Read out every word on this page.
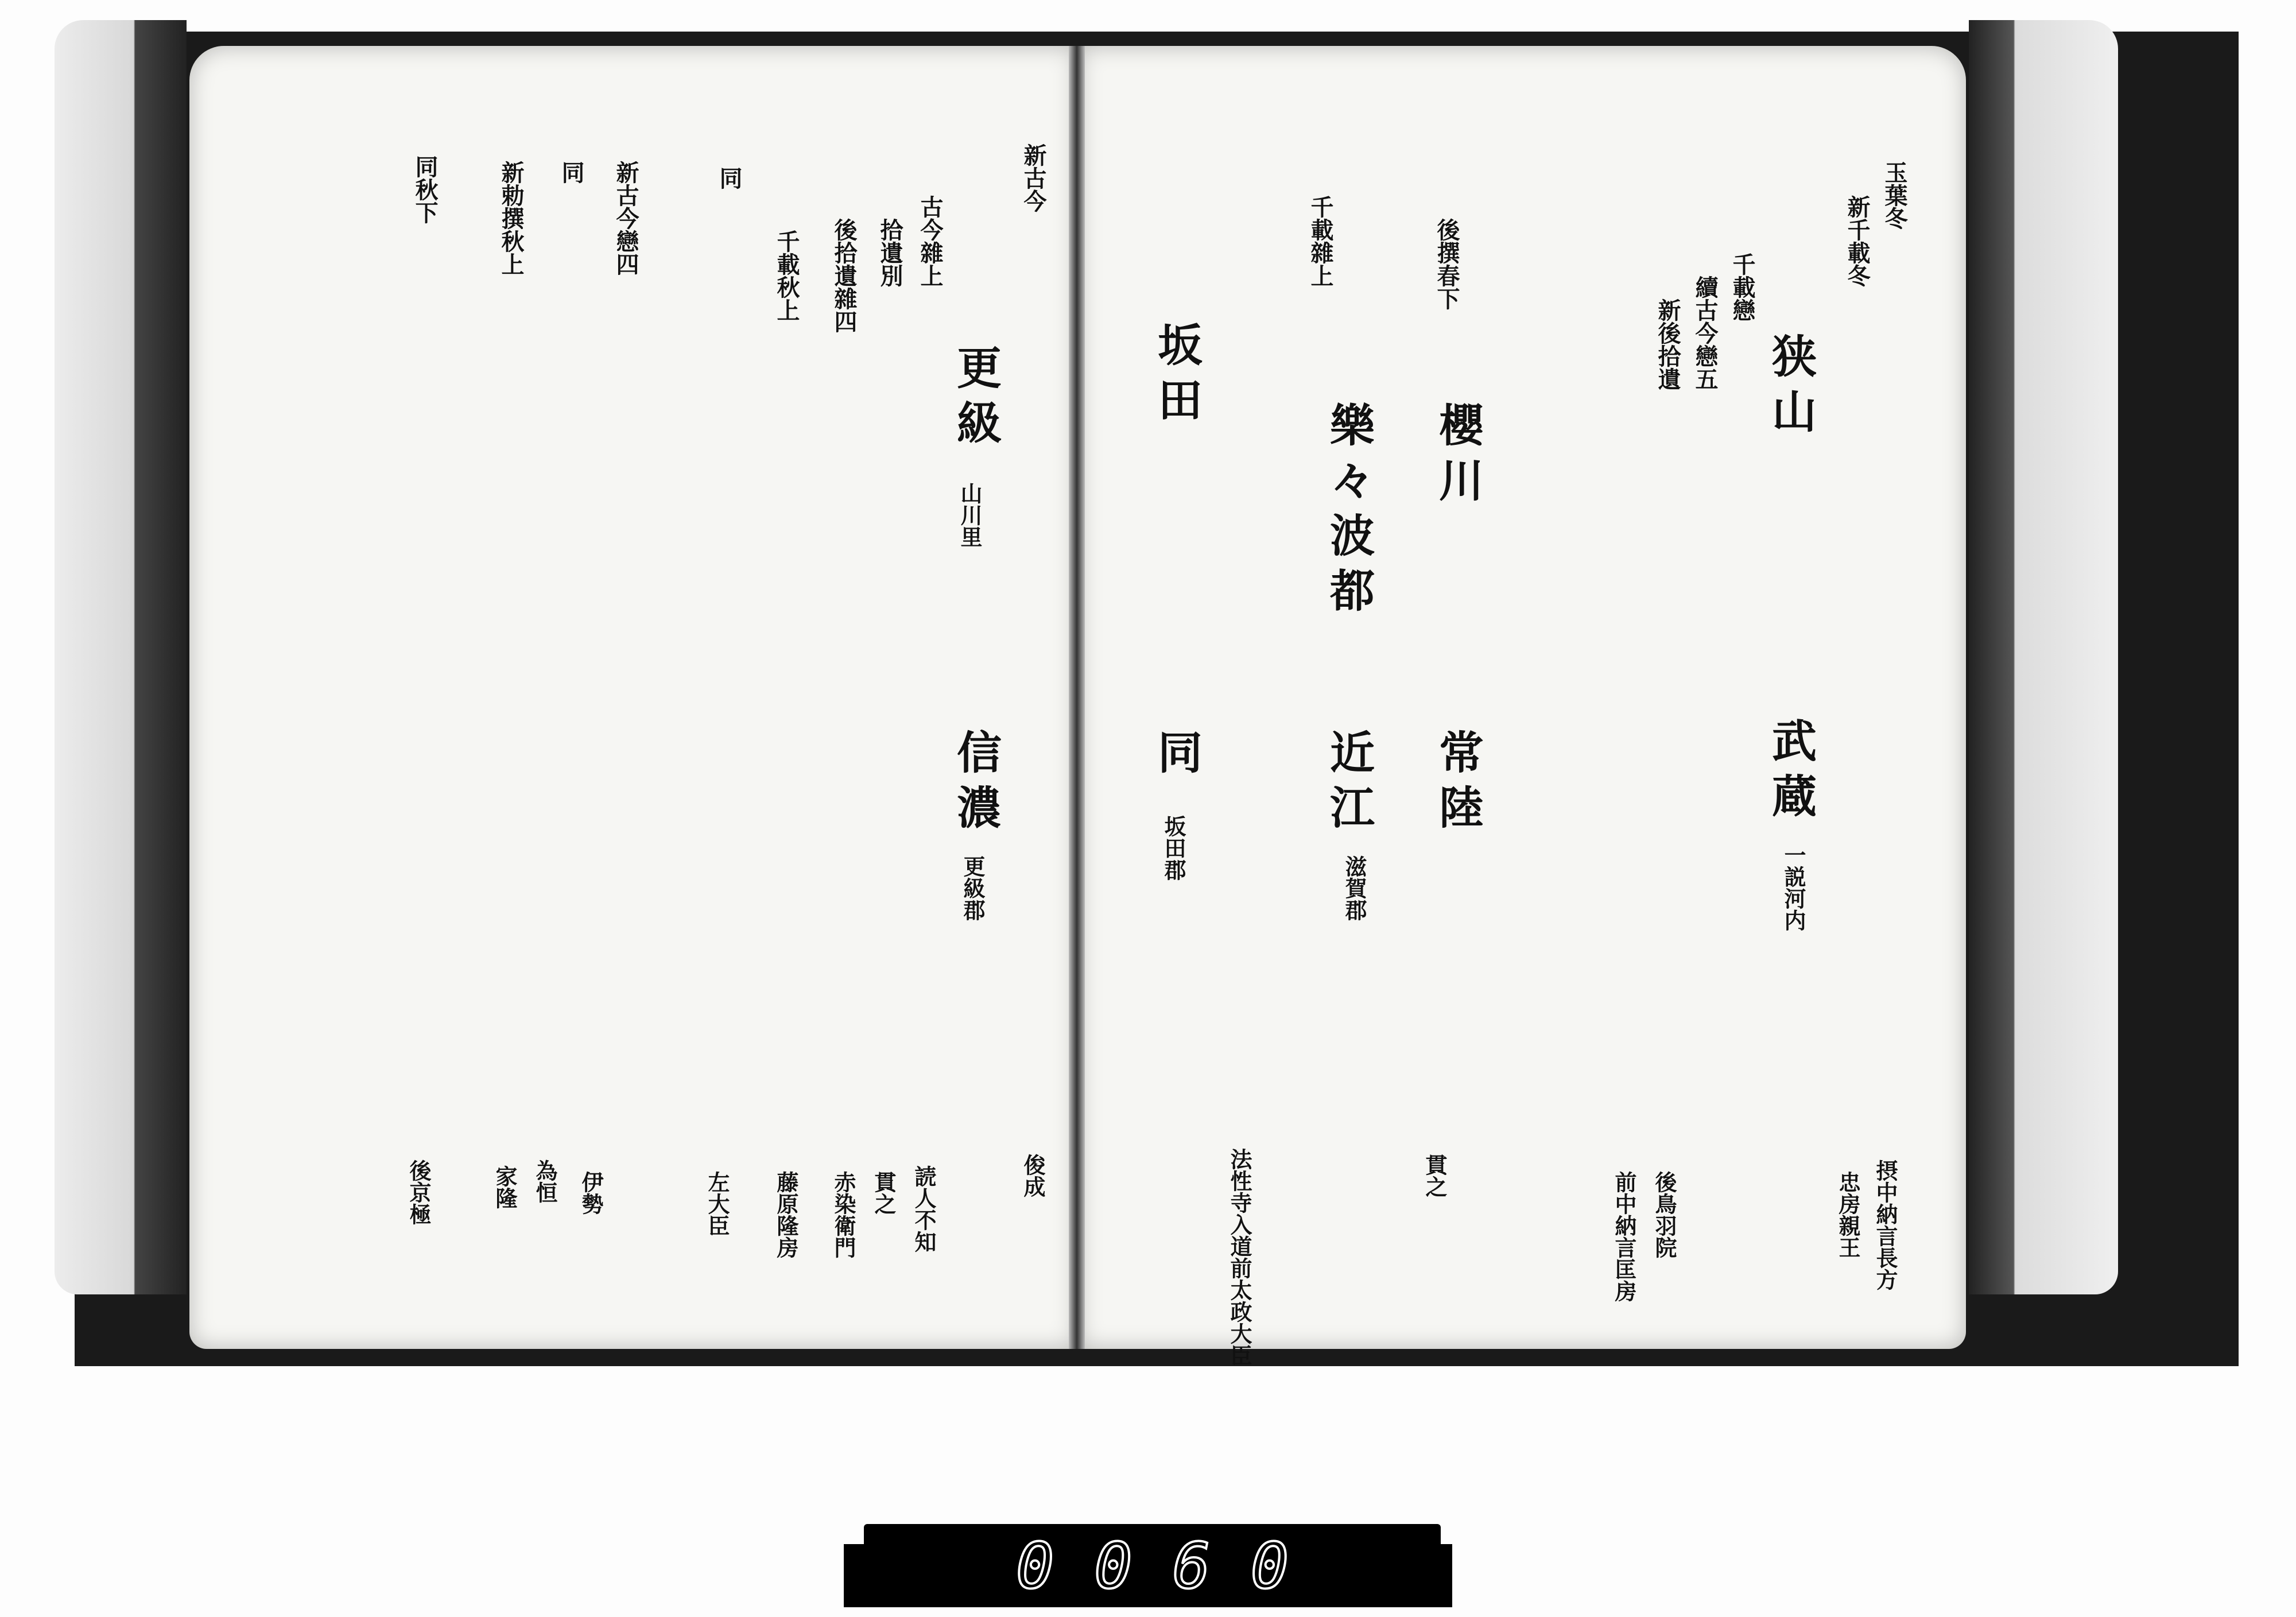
玉葉冬
新千載冬
摂中納言長方
忠房親王
千載戀
續古今戀五
後鳥羽院
新後拾遺
前中納言匡房
後撰春下
貫之
千載雜上
法性寺入道前太政大臣
狭山
武蔵
一説河内
櫻川
常陸
樂々波都
近江
滋賀郡
坂田
同
坂田郡
新古今
俊成
古今雜上
読人不知
拾遺別
貫之
後拾遺雜四
赤染衛門
千載秋上
藤原隆房
同
左大臣
新古今戀四
伊勢
同
為恒
新勅撰秋上
家隆
同秋下
後京極
更級
山川里
信濃
更級郡
0060
